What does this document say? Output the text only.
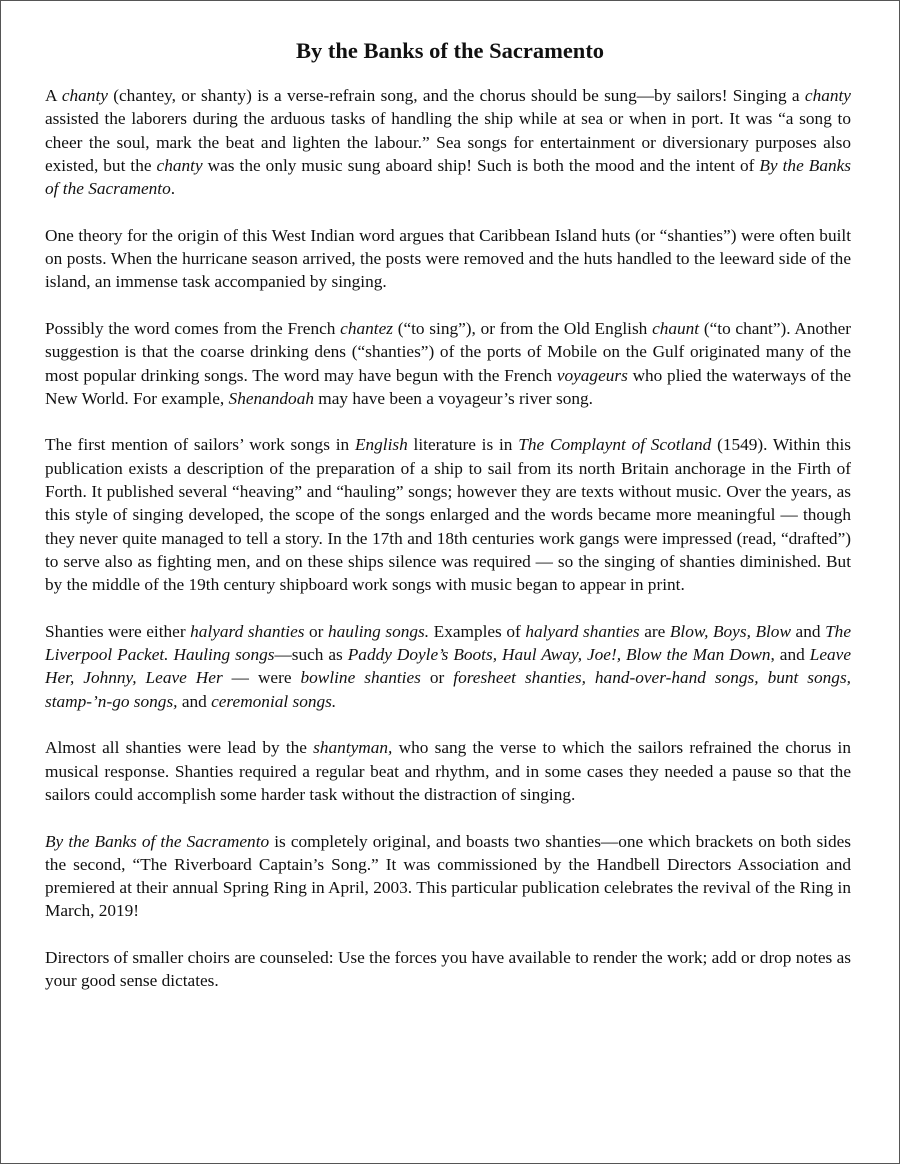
By the Banks of the Sacramento

A chanty (chantey, or shanty) is a verse-refrain song, and the chorus should be sung—by sailors! Singing a chanty assisted the laborers during the arduous tasks of handling the ship while at sea or when in port. It was “a song to cheer the soul, mark the beat and lighten the labour.” Sea songs for entertainment or diversionary purposes also existed, but the chanty was the only music sung aboard ship! Such is both the mood and the intent of By the Banks of the Sacramento.

One theory for the origin of this West Indian word argues that Caribbean Island huts (or “shanties”) were often built on posts. When the hurricane season arrived, the posts were removed and the huts handled to the leeward side of the island, an immense task accompanied by singing.

Possibly the word comes from the French chantez (“to sing”), or from the Old English chaunt (“to chant”). Another suggestion is that the coarse drinking dens (“shanties”) of the ports of Mobile on the Gulf originated many of the most popular drinking songs. The word may have begun with the French voyageurs who plied the waterways of the New World. For example, Shenandoah may have been a voyageur’s river song.

The first mention of sailors’ work songs in English literature is in The Complaynt of Scotland (1549). Within this publication exists a description of the preparation of a ship to sail from its north Britain anchorage in the Firth of Forth. It published several “heaving” and “hauling” songs; however they are texts without music. Over the years, as this style of singing developed, the scope of the songs enlarged and the words became more meaningful — though they never quite managed to tell a story. In the 17th and 18th centuries work gangs were impressed (read, “drafted”) to serve also as fighting men, and on these ships silence was required — so the singing of shanties diminished. But by the middle of the 19th century shipboard work songs with music began to appear in print.

Shanties were either halyard shanties or hauling songs. Examples of halyard shanties are Blow, Boys, Blow and The Liverpool Packet. Hauling songs—such as Paddy Doyle’s Boots, Haul Away, Joe!, Blow the Man Down, and Leave Her, Johnny, Leave Her — were bowline shanties or foresheet shanties, hand-over-hand songs, bunt songs, stamp-’n-go songs, and ceremonial songs.

Almost all shanties were lead by the shantyman, who sang the verse to which the sailors refrained the chorus in musical response. Shanties required a regular beat and rhythm, and in some cases they needed a pause so that the sailors could accomplish some harder task without the distraction of singing.

By the Banks of the Sacramento is completely original, and boasts two shanties—one which brackets on both sides the second, “The Riverboard Captain’s Song.” It was commissioned by the Handbell Directors Association and premiered at their annual Spring Ring in April, 2003. This particular publication celebrates the revival of the Ring in March, 2019!

Directors of smaller choirs are counseled: Use the forces you have available to render the work; add or drop notes as your good sense dictates.
